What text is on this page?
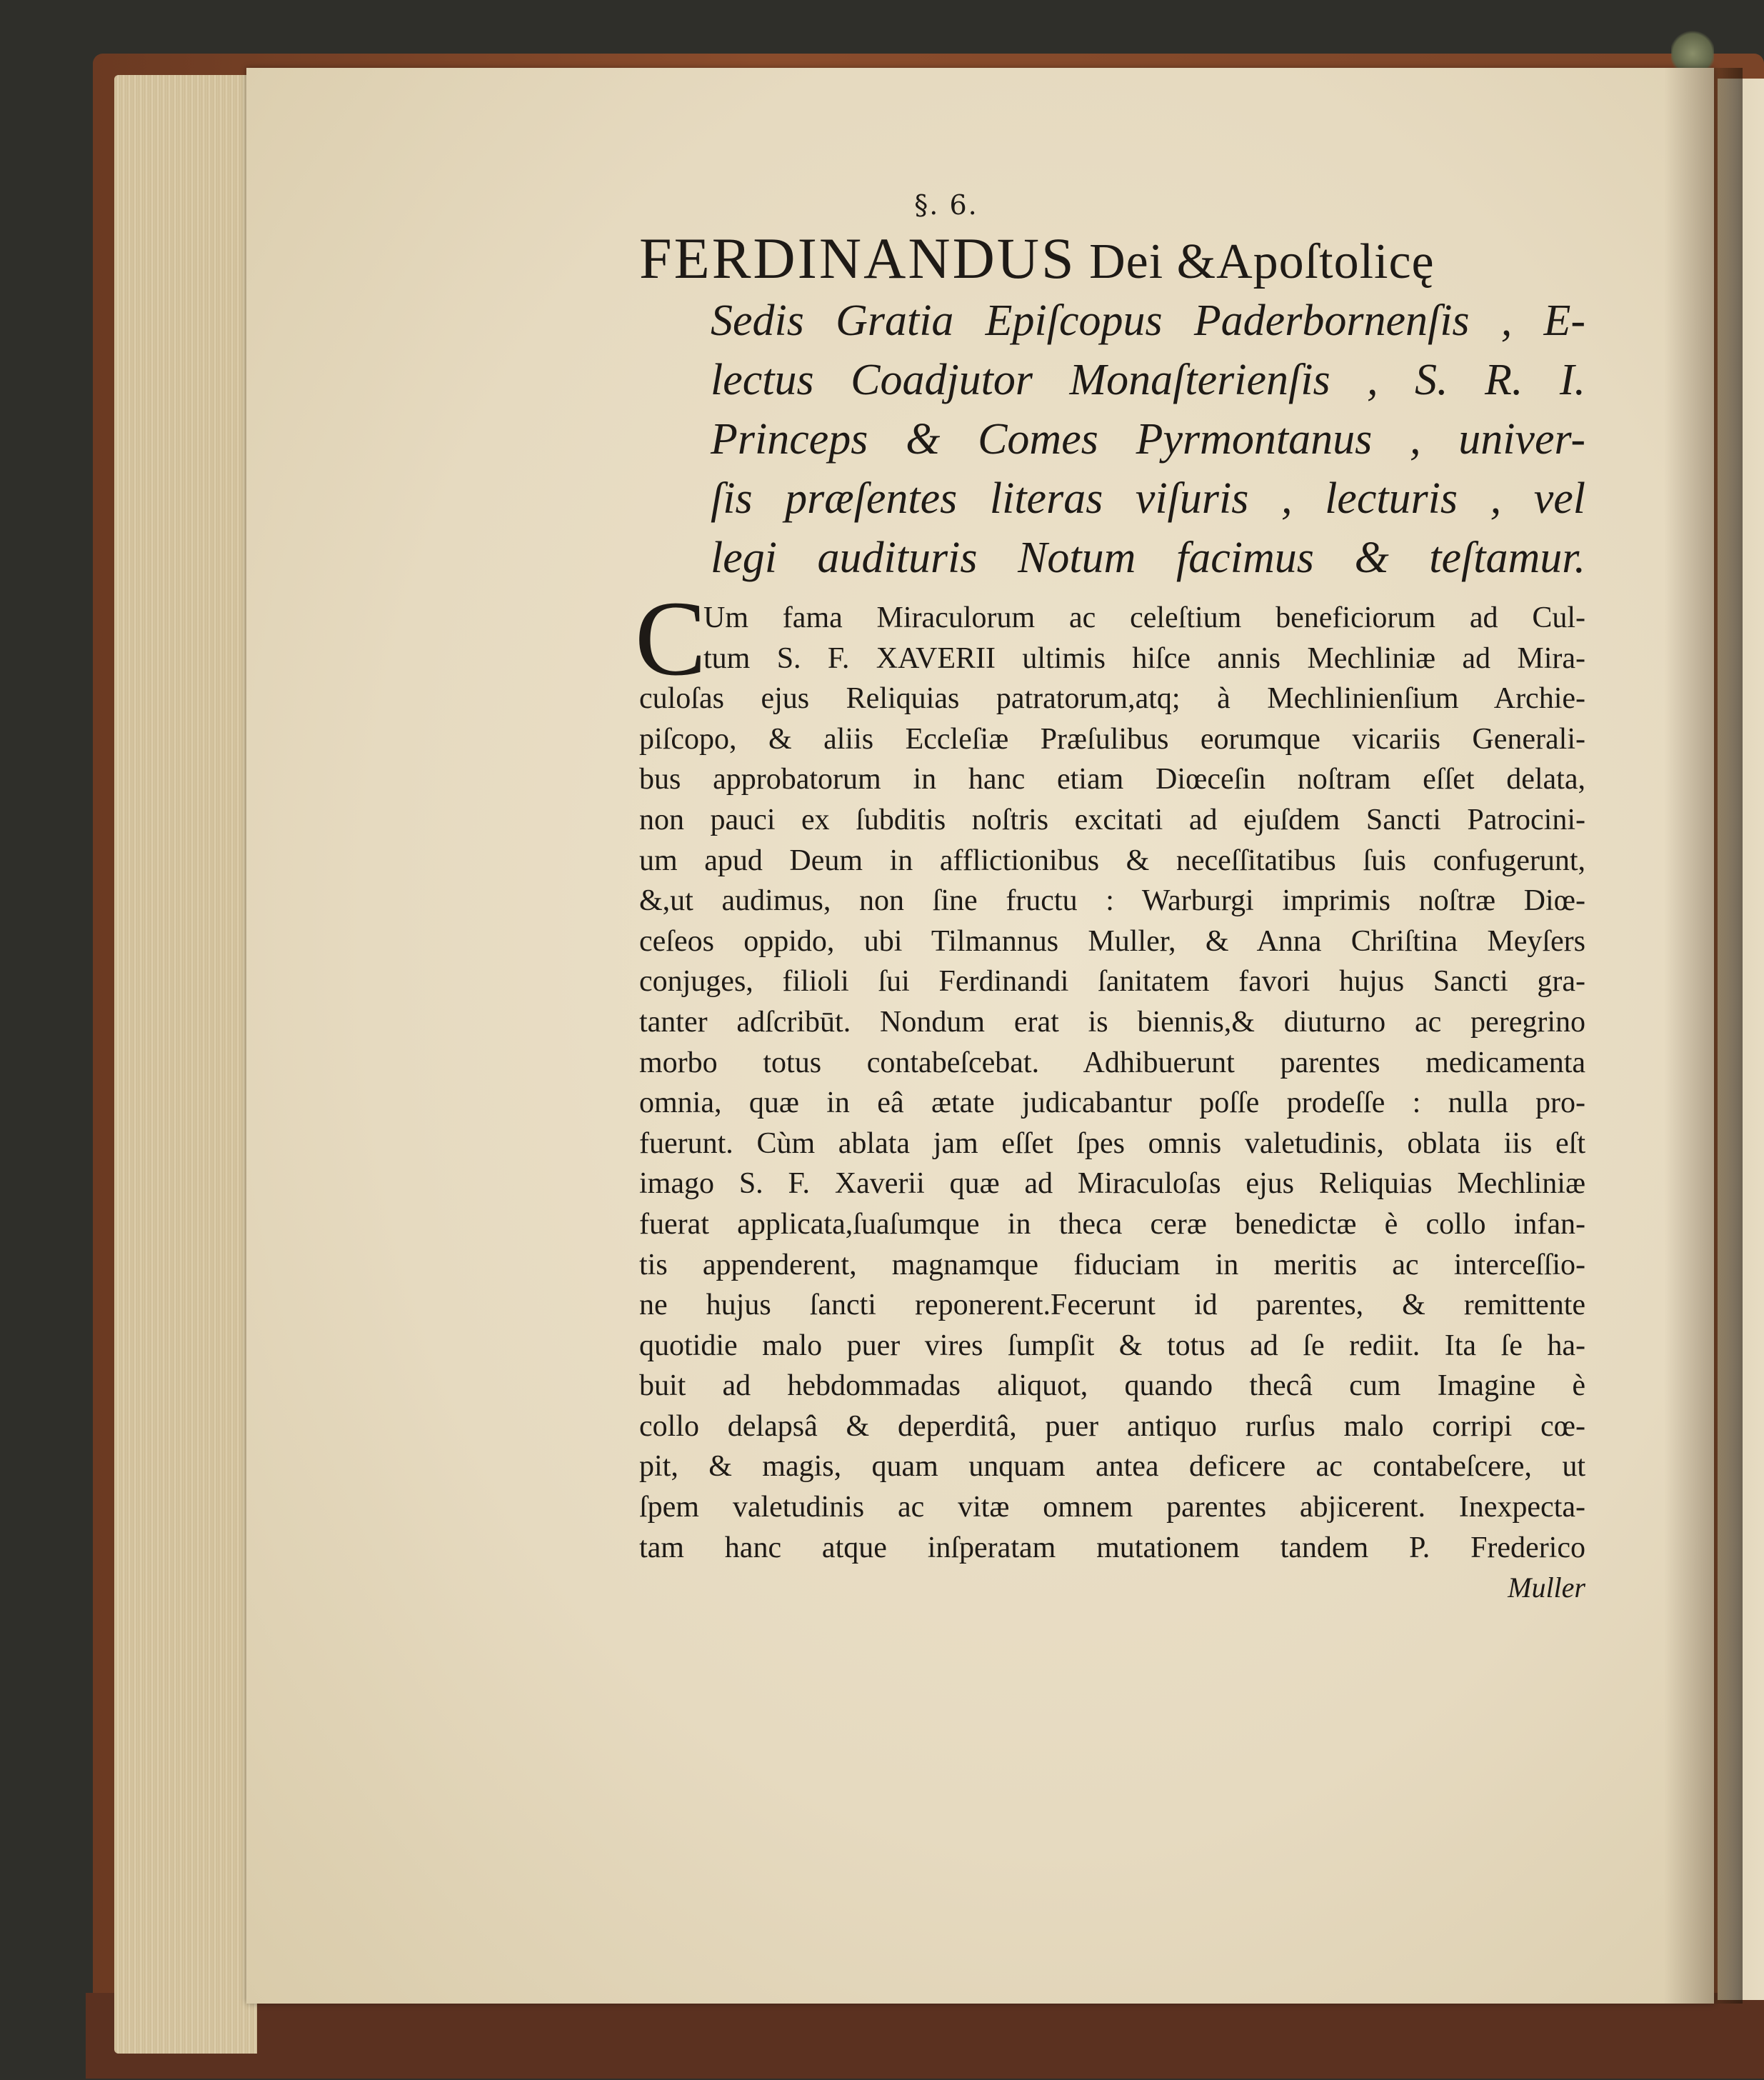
§. 6.
FERDINANDUS Dei &Apoſtolicę
Sedis Gratia Epiſcopus Paderbornenſis , E-
lectus Coadjutor Monaſterienſis , S. R. I.
Princeps & Comes Pyrmontanus , univer-
ſis præſentes literas viſuris , lecturis , vel
legi audituris Notum facimus & teſtamur.
C
Um fama Miraculorum ac celeſtium beneficiorum ad Cul-
tum S. F. XAVERII ultimis hiſce annis Mechliniæ ad Mira-
culoſas ejus Reliquias patratorum,atq; à Mechlinienſium Archie-
piſcopo, & aliis Eccleſiæ Præſulibus eorumque vicariis Generali-
bus approbatorum in hanc etiam Diœceſin noſtram eſſet delata,
non pauci ex ſubditis noſtris excitati ad ejuſdem Sancti Patrocini-
um apud Deum in afflictionibus & neceſſitatibus ſuis confugerunt,
&,ut audimus, non ſine fructu : Warburgi imprimis noſtræ Diœ-
ceſeos oppido, ubi Tilmannus Muller, & Anna Chriſtina Meyſers
conjuges, filioli ſui Ferdinandi ſanitatem favori hujus Sancti gra-
tanter adſcribūt. Nondum erat is biennis,& diuturno ac peregrino
morbo totus contabeſcebat. Adhibuerunt parentes medicamenta
omnia, quæ in eâ ætate judicabantur poſſe prodeſſe : nulla pro-
fuerunt. Cùm ablata jam eſſet ſpes omnis valetudinis, oblata iis eſt
imago S. F. Xaverii quæ ad Miraculoſas ejus Reliquias Mechliniæ
fuerat applicata,ſuaſumque in theca ceræ benedictæ è collo infan-
tis appenderent, magnamque fiduciam in meritis ac interceſſio-
ne hujus ſancti reponerent.Fecerunt id parentes, & remittente
quotidie malo puer vires ſumpſit & totus ad ſe rediit. Ita ſe ha-
buit ad hebdommadas aliquot, quando thecâ cum Imagine è
collo delapsâ & deperditâ, puer antiquo rurſus malo corripi cœ-
pit, & magis, quam unquam antea deficere ac contabeſcere, ut
ſpem valetudinis ac vitæ omnem parentes abjicerent. Inexpecta-
tam hanc atque inſperatam mutationem tandem P. Frederico
Muller
